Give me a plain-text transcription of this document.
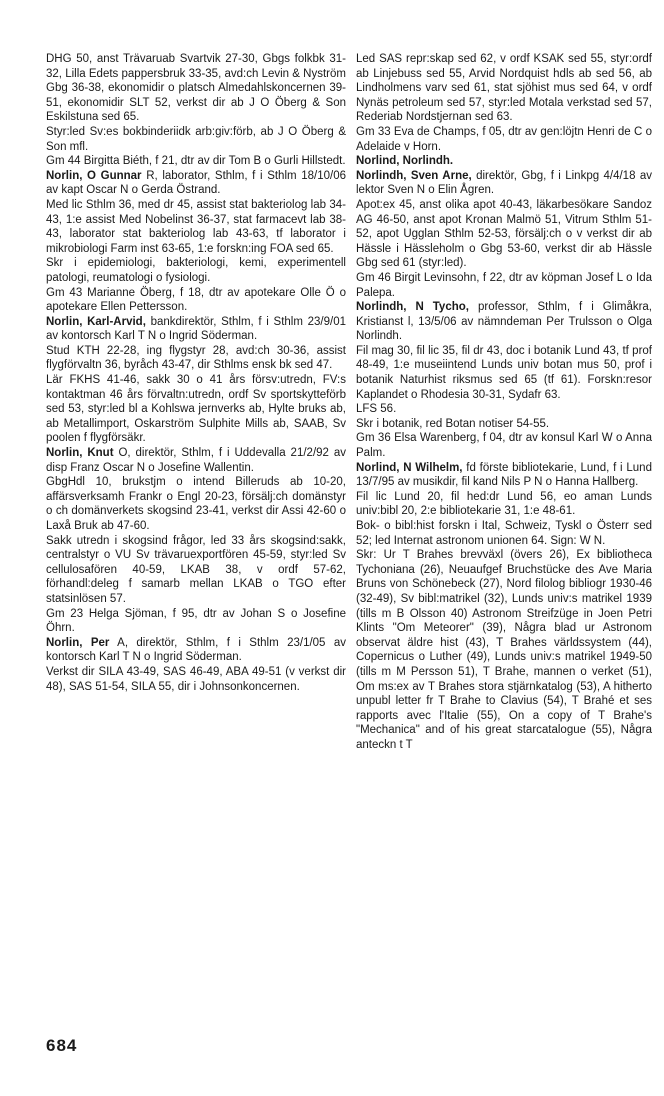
DHG 50, anst Trävaruab Svartvik 27-30, Gbgs folkbk 31-32, Lilla Edets pappersbruk 33-35, avd:ch Levin & Nyström Gbg 36-38, ekonomidir o platsch Almedahlskoncernen 39-51, ekonomidir SLT 52, verkst dir ab J O Öberg & Son Eskilstuna sed 65.

Styr:led Sv:es bokbinderiidk arb:giv:förb, ab J O Öberg & Son mfl.

Gm 44 Birgitta Biéth, f 21, dtr av dir Tom B o Gurli Hillstedt.

Norlin, O Gunnar R, laborator, Sthlm, f i Sthlm 18/10/06 av kapt Oscar N o Gerda Östrand.

Med lic Sthlm 36, med dr 45, assist stat bakteriolog lab 34-43, 1:e assist Med Nobelinst 36-37, stat farmacevt lab 38-43, laborator stat bakteriolog lab 43-63, tf laborator i mikrobiologi Farm inst 63-65, 1:e forskn:ing FOA sed 65.

Skr i epidemiologi, bakteriologi, kemi, experimentell patologi, reumatologi o fysiologi.

Gm 43 Marianne Öberg, f 18, dtr av apotekare Olle Ö o apotekare Ellen Pettersson.

Norlin, Karl-Arvid, bankdirektör, Sthlm, f i Sthlm 23/9/01 av kontorsch Karl T N o Ingrid Söderman.

Stud KTH 22-28, ing flygstyr 28, avd:ch 30-36, assist flygförvaltn 36, byråch 43-47, dir Sthlms ensk bk sed 47.

Lär FKHS 41-46, sakk 30 o 41 års försv:utredn, FV:s kontaktman 46 års förvaltn:utredn, ordf Sv sportskytteförb sed 53, styr:led bl a Kohlswa jernverks ab, Hylte bruks ab, ab Metallimport, Oskarström Sulphite Mills ab, SAAB, Sv poolen f flygförsäkr.

Norlin, Knut O, direktör, Sthlm, f i Uddevalla 21/2/92 av disp Franz Oscar N o Josefine Wallentin.

GbgHdl 10, brukstjm o intend Billeruds ab 10-20, affärsverksamh Frankr o Engl 20-23, försälj:ch domänstyr o ch domänverkets skogsind 23-41, verkst dir Assi 42-60 o Laxå Bruk ab 47-60.

Sakk utredn i skogsind frågor, led 33 års skogsind:sakk, centralstyr o VU Sv trävaruexportfören 45-59, styr:led Sv cellulosafören 40-59, LKAB 38, v ordf 57-62, förhandl:deleg f samarb mellan LKAB o TGO efter statsinlösen 57.

Gm 23 Helga Sjöman, f 95, dtr av Johan S o Josefine Öhrn.

Norlin, Per A, direktör, Sthlm, f i Sthlm 23/1/05 av kontorsch Karl T N o Ingrid Söderman.

Verkst dir SILA 43-49, SAS 46-49, ABA 49-51 (v verkst dir 48), SAS 51-54, SILA 55, dir i Johnsonkoncernen.

Led SAS repr:skap sed 62, v ordf KSAK sed 55, styr:ordf ab Linjebuss sed 55, Arvid Nordquist hdls ab sed 56, ab Lindholmens varv sed 61, stat sjöhist mus sed 64, v ordf Nynäs petroleum sed 57, styr:led Motala verkstad sed 57, Rederiab Nordstjernan sed 63.

Gm 33 Eva de Champs, f 05, dtr av gen:löjtn Henri de C o Adelaide v Horn.

Norlind, Norlindh.

Norlindh, Sven Arne, direktör, Gbg, f i Linkpg 4/4/18 av lektor Sven N o Elin Ågren.

Apot:ex 45, anst olika apot 40-43, läkarbesökare Sandoz AG 46-50, anst apot Kronan Malmö 51, Vitrum Sthlm 51-52, apot Ugglan Sthlm 52-53, försälj:ch o v verkst dir ab Hässle i Hässleholm o Gbg 53-60, verkst dir ab Hässle Gbg sed 61 (styr:led).

Gm 46 Birgit Levinsohn, f 22, dtr av köpman Josef L o Ida Palepa.

Norlindh, N Tycho, professor, Sthlm, f i Glimåkra, Kristianst l, 13/5/06 av nämndeman Per Trulsson o Olga Norlindh.

Fil mag 30, fil lic 35, fil dr 43, doc i botanik Lund 43, tf prof 48-49, 1:e museiintend Lunds univ botan mus 50, prof i botanik Naturhist riksmus sed 65 (tf 61). Forskn:resor Kaplandet o Rhodesia 30-31, Sydafr 63.

LFS 56.

Skr i botanik, red Botan notiser 54-55.

Gm 36 Elsa Warenberg, f 04, dtr av konsul Karl W o Anna Palm.

Norlind, N Wilhelm, fd förste bibliotekarie, Lund, f i Lund 13/7/95 av musikdir, fil kand Nils P N o Hanna Hallberg.

Fil lic Lund 20, fil hed:dr Lund 56, eo aman Lunds univ:bibl 20, 2:e bibliotekarie 31, 1:e 48-61.

Bok- o bibl:hist forskn i Ital, Schweiz, Tyskl o Österr sed 52; led Internat astronom unionen 64. Sign: W N.

Skr: Ur T Brahes brevväxl (övers 26), Ex bibliotheca Tychoniana (26), Neuaufgef Bruchstücke des Ave Maria Bruns von Schönebeck (27), Nord filolog bibliogr 1930-46 (32-49), Sv bibl:matrikel (32), Lunds univ:s matrikel 1939 (tills m B Olsson 40) Astronom Streifzüge in Joen Petri Klints "Om Meteorer" (39), Några blad ur Astronom observat äldre hist (43), T Brahes världssystem (44), Copernicus o Luther (49), Lunds univ:s matrikel 1949-50 (tills m M Persson 51), T Brahe, mannen o verket (51), Om ms:ex av T Brahes stora stjärnkatalog (53), A hitherto unpubl letter fr T Brahe to Clavius (54), T Brahé et ses rapports avec l'Italie (55), On a copy of T Brahe's "Mechanica" and of his great starcatalogue (55), Några anteckn t T

684
